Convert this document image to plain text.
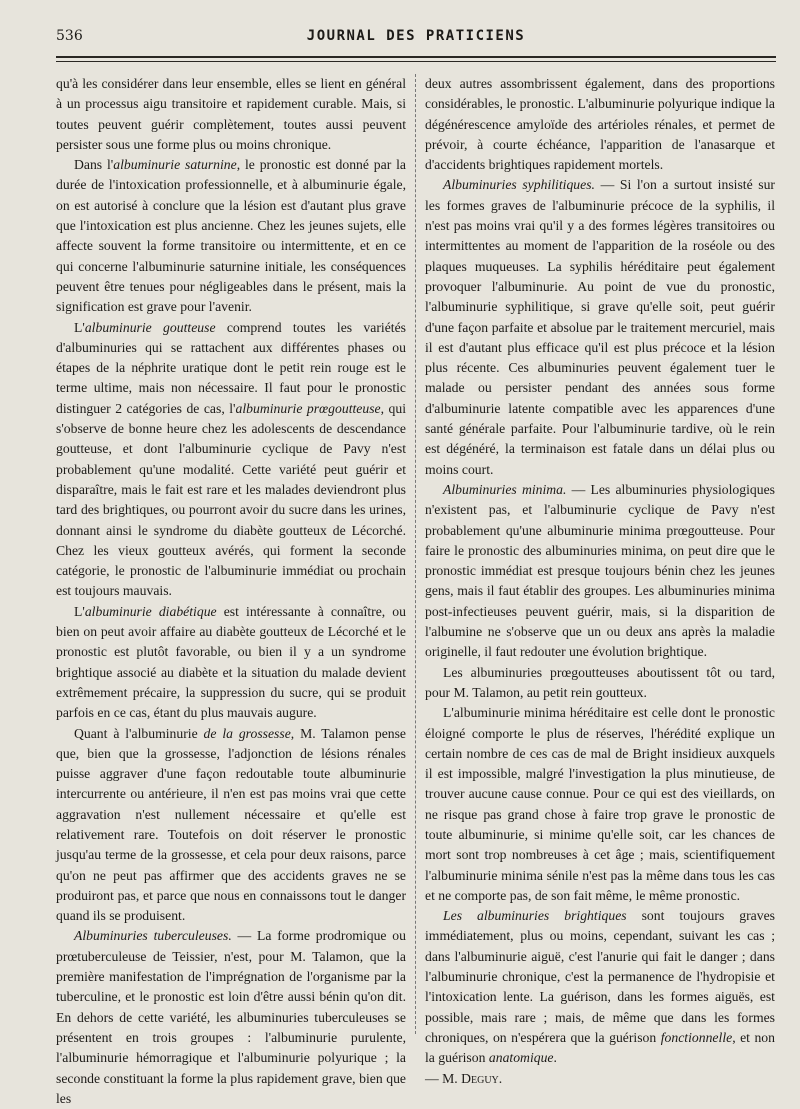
536	JOURNAL DES PRATICIENS

qu'à les considérer dans leur ensemble, elles se lient en général à un processus aigu transitoire et rapidement curable. Mais, si toutes peuvent guérir complètement, toutes aussi peuvent persister sous une forme plus ou moins chronique.

Dans l'albuminurie saturnine, le pronostic est donné par la durée de l'intoxication professionnelle, et à albuminurie égale, on est autorisé à conclure que la lésion est d'autant plus grave que l'intoxication est plus ancienne. Chez les jeunes sujets, elle affecte souvent la forme transitoire ou intermittente, et en ce qui concerne l'albuminurie saturnine initiale, les conséquences peuvent être tenues pour négligeables dans le présent, mais la signification est grave pour l'avenir.

L'albuminurie goutteuse comprend toutes les variétés d'albuminuries qui se rattachent aux différentes phases ou étapes de la néphrite uratique dont le petit rein rouge est le terme ultime, mais non nécessaire. Il faut pour le pronostic distinguer 2 catégories de cas, l'albuminurie prœgoutteuse, qui s'observe de bonne heure chez les adolescents de descendance goutteuse, et dont l'albuminurie cyclique de Pavy n'est probablement qu'une modalité. Cette variété peut guérir et disparaître, mais le fait est rare et les malades deviendront plus tard des brightiques, ou pourront avoir du sucre dans les urines, donnant ainsi le syndrome du diabète goutteux de Lécorché. Chez les vieux goutteux avérés, qui forment la seconde catégorie, le pronostic de l'albuminurie immédiat ou prochain est toujours mauvais.

L'albuminurie diabétique est intéressante à connaître, ou bien on peut avoir affaire au diabète goutteux de Lécorché et le pronostic est plutôt favorable, ou bien il y a un syndrome brightique associé au diabète et la situation du malade devient extrêmement précaire, la suppression du sucre, qui se produit parfois en ce cas, étant du plus mauvais augure.

Quant à l'albuminurie de la grossesse, M. Talamon pense que, bien que la grossesse, l'adjonction de lésions rénales puisse aggraver d'une façon redoutable toute albuminurie intercurrente ou antérieure, il n'en est pas moins vrai que cette aggravation n'est nullement nécessaire et qu'elle est relativement rare. Toutefois on doit réserver le pronostic jusqu'au terme de la grossesse, et cela pour deux raisons, parce qu'on ne peut pas affirmer que des accidents graves ne se produiront pas, et parce que nous en connaissons tout le danger quand ils se produisent.

Albuminuries tuberculeuses. — La forme prodromique ou prœtuberculeuse de Teissier, n'est, pour M. Talamon, que la première manifestation de l'imprégnation de l'organisme par la tuberculine, et le pronostic est loin d'être aussi bénin qu'on dit. En dehors de cette variété, les albuminuries tuberculeuses se présentent en trois groupes : l'albuminurie purulente, l'albuminurie hémorragique et l'albuminurie polyurique ; la seconde constituant la forme la plus rapidement grave, bien que les

deux autres assombrissent également, dans des proportions considérables, le pronostic. L'albuminurie polyurique indique la dégénérescence amyloïde des artérioles rénales, et permet de prévoir, à courte échéance, l'apparition de l'anasarque et d'accidents brightiques rapidement mortels.

Albuminuries syphilitiques. — Si l'on a surtout insisté sur les formes graves de l'albuminurie précoce de la syphilis, il n'est pas moins vrai qu'il y a des formes légères transitoires ou intermittentes au moment de l'apparition de la roséole ou des plaques muqueuses. La syphilis héréditaire peut également provoquer l'albuminurie. Au point de vue du pronostic, l'albuminurie syphilitique, si grave qu'elle soit, peut guérir d'une façon parfaite et absolue par le traitement mercuriel, mais il est d'autant plus efficace qu'il est plus précoce et la lésion plus récente. Ces albuminuries peuvent également tuer le malade ou persister pendant des années sous forme d'albuminurie latente compatible avec les apparences d'une santé générale parfaite. Pour l'albuminurie tardive, où le rein est dégénéré, la terminaison est fatale dans un délai plus ou moins court.

Albuminuries minima. — Les albuminuries physiologiques n'existent pas, et l'albuminurie cyclique de Pavy n'est probablement qu'une albuminurie minima prœgoutteuse. Pour faire le pronostic des albuminuries minima, on peut dire que le pronostic immédiat est presque toujours bénin chez les jeunes gens, mais il faut établir des groupes. Les albuminuries minima post-infectieuses peuvent guérir, mais, si la disparition de l'albumine ne s'observe que un ou deux ans après la maladie originelle, il faut redouter une évolution brightique.

Les albuminuries prœgoutteuses aboutissent tôt ou tard, pour M. Talamon, au petit rein goutteux.

L'albuminurie minima héréditaire est celle dont le pronostic éloigné comporte le plus de réserves, l'hérédité explique un certain nombre de ces cas de mal de Bright insidieux auxquels il est impossible, malgré l'investigation la plus minutieuse, de trouver aucune cause connue. Pour ce qui est des vieillards, on ne risque pas grand chose à faire trop grave le pronostic de toute albuminurie, si minime qu'elle soit, car les chances de mort sont trop nombreuses à cet âge ; mais, scientifiquement l'albuminurie minima sénile n'est pas la même dans tous les cas et ne comporte pas, de son fait même, le même pronostic.

Les albuminuries brightiques sont toujours graves immédiatement, plus ou moins, cependant, suivant les cas ; dans l'albuminurie aiguë, c'est l'anurie qui fait le danger ; dans l'albuminurie chronique, c'est la permanence de l'hydropisie et l'intoxication lente. La guérison, dans les formes aiguës, est possible, mais rare ; mais, de même que dans les formes chroniques, on n'espérera que la guérison fonctionnelle, et non la guérison anatomique.

— M. Deguy.
